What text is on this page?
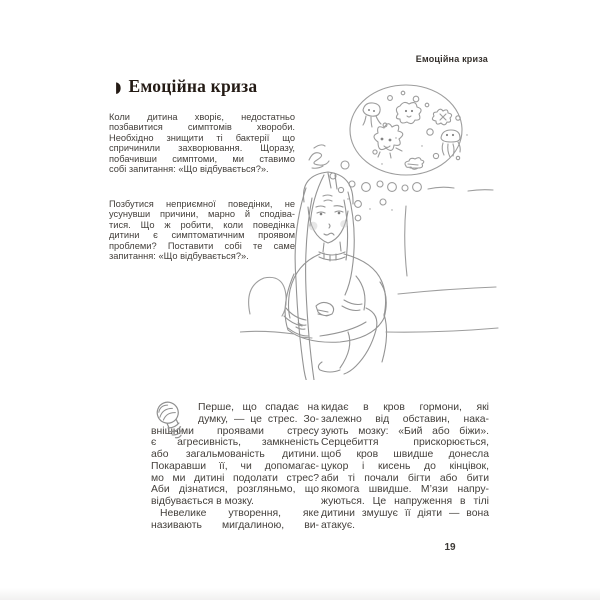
Емоційна криза
◗ Емоційна криза
Коли дитина хворіє, недостатньо
позбавитися симптомів хвороби.
Необхідно знищити ті бактерії що
спричинили захворювання. Щоразу,
побачивши симптоми, ми ставимо
собі запитання: «Що відбувається?».
Позбутися неприємної поведінки, не
усунувши причини, марно й сподіва-
тися. Що ж робити, коли поведінка
дитини є симптоматичним проявом
проблеми? Поставити собі те саме
запитання: «Що відбувається?».
Перше, що спадає на
думку, — це стрес. Зо-
внішніми проявами стресу
є агресивність, замкненість
або загальмованість дитини.
Покаравши її, чи допомагає-
мо ми дитині подолати стрес?
Аби дізнатися, розгляньмо, що
відбувається в мозку.
Невелике утворення, яке
називають мигдалиною, ви-
кидає в кров гормони, які
залежно від обставин, нака-
зують мозку: «Бий або біжи».
Серцебиття прискорюється,
щоб кров швидше донесла
цукор і кисень до кінцівок,
аби ті почали бігти або бити
якомога швидше. М’язи напру-
жуються. Це напруження в тілі
дитини змушує її діяти — вона
атакує.
19
